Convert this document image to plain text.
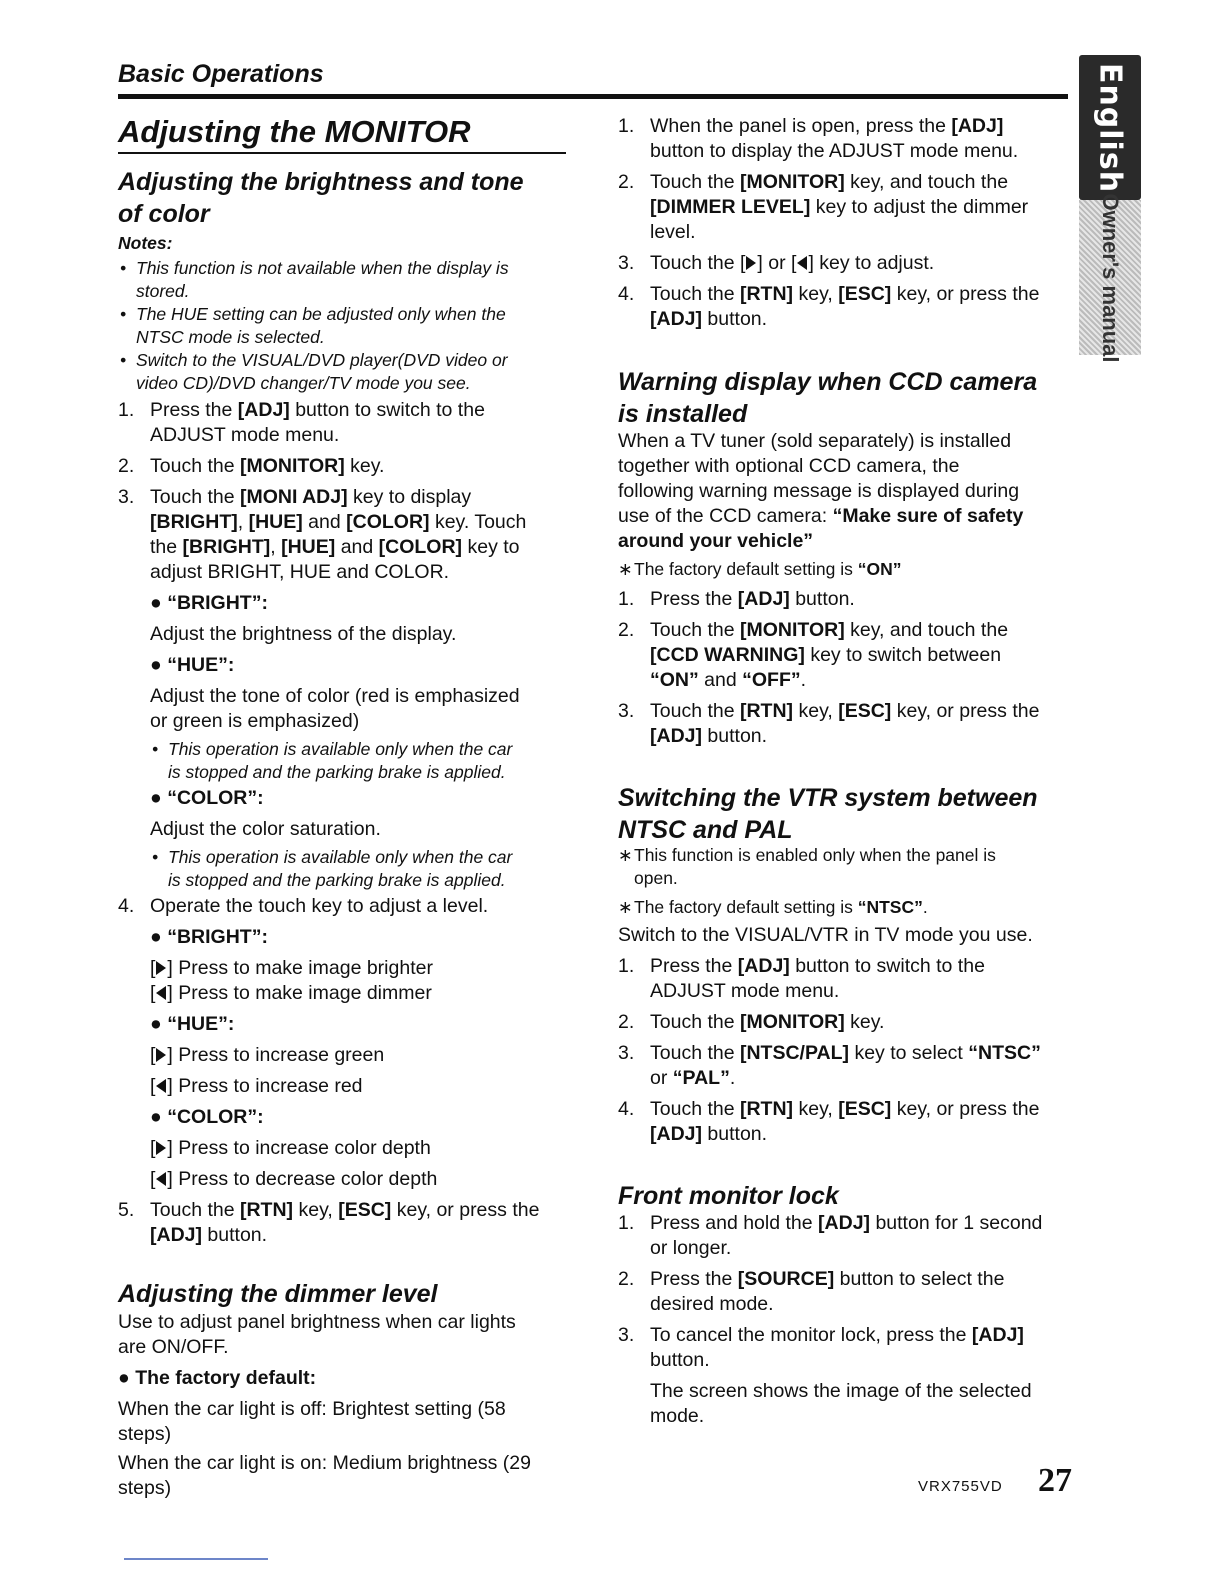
Basic Operations	English
Owner's manual
Adjusting the MONITOR
Adjusting the brightness and tone
of color
Notes:
• This function is not available when the display is
stored.
• The HUE setting can be adjusted only when the
NTSC mode is selected.
• Switch to the VISUAL/DVD player(DVD video or
video CD)/DVD changer/TV mode you see.
1. Press the [ADJ] button to switch to the
ADJUST mode menu.
2. Touch the [MONITOR] key.
3. Touch the [MONI ADJ] key to display
[BRIGHT], [HUE] and [COLOR] key. Touch
the [BRIGHT], [HUE] and [COLOR] key to
adjust BRIGHT, HUE and COLOR.
● “BRIGHT”:
Adjust the brightness of the display.
● “HUE”:
Adjust the tone of color (red is emphasized
or green is emphasized)
• This operation is available only when the car
is stopped and the parking brake is applied.
● “COLOR”:
Adjust the color saturation.
• This operation is available only when the car
is stopped and the parking brake is applied.
4. Operate the touch key to adjust a level.
● “BRIGHT”:
[ ] Press to make image brighter
[ ] Press to make image dimmer
● “HUE”:
[ ] Press to increase green
[ ] Press to increase red
● “COLOR”:
[ ] Press to increase color depth
[ ] Press to decrease color depth
5. Touch the [RTN] key, [ESC] key, or press the
[ADJ] button.
Adjusting the dimmer level
Use to adjust panel brightness when car lights
are ON/OFF.
● The factory default:
When the car light is off: Brightest setting (58
steps)
When the car light is on: Medium brightness (29
steps)
1. When the panel is open, press the [ADJ]
button to display the ADJUST mode menu.
2. Touch the [MONITOR] key, and touch the
[DIMMER LEVEL] key to adjust the dimmer
level.
3. Touch the [ ] or [ ] key to adjust.
4. Touch the [RTN] key, [ESC] key, or press the
[ADJ] button.
Warning display when CCD camera
is installed
When a TV tuner (sold separately) is installed
together with optional CCD camera, the
following warning message is displayed during
use of the CCD camera: “Make sure of safety
around your vehicle”
∗ The factory default setting is “ON”
1. Press the [ADJ] button.
2. Touch the [MONITOR] key, and touch the
[CCD WARNING] key to switch between
“ON” and “OFF”.
3. Touch the [RTN] key, [ESC] key, or press the
[ADJ] button.
Switching the VTR system between
NTSC and PAL
∗ This function is enabled only when the panel is
open.
∗ The factory default setting is “NTSC”.
Switch to the VISUAL/VTR in TV mode you use.
1. Press the [ADJ] button to switch to the
ADJUST mode menu.
2. Touch the [MONITOR] key.
3. Touch the [NTSC/PAL] key to select “NTSC”
or “PAL”.
4. Touch the [RTN] key, [ESC] key, or press the
[ADJ] button.
Front monitor lock
1. Press and hold the [ADJ] button for 1 second
or longer.
2. Press the [SOURCE] button to select the
desired mode.
3. To cancel the monitor lock, press the [ADJ]
button.
The screen shows the image of the selected
mode.
VRX755VD 27
